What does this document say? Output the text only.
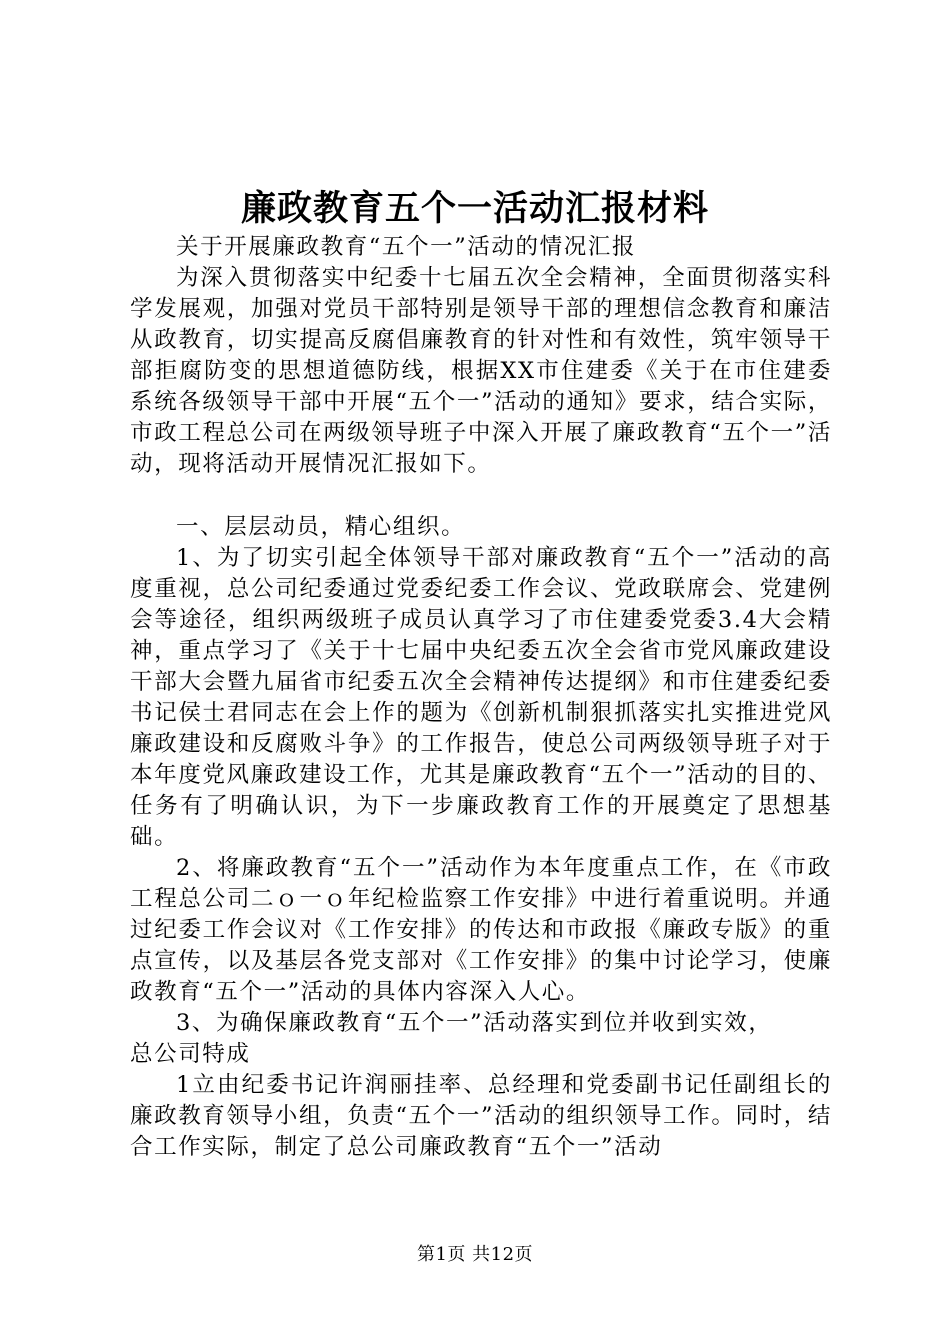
廉政教育五个一活动汇报材料

关于开展廉政教育“五个一”活动的情况汇报

为深入贯彻落实中纪委十七届五次全会精神，全面贯彻落实科学发展观，加强对党员干部特别是领导干部的理想信念教育和廉洁从政教育，切实提高反腐倡廉教育的针对性和有效性，筑牢领导干部拒腐防变的思想道德防线，根据XX市住建委《关于在市住建委系统各级领导干部中开展“五个一”活动的通知》要求，结合实际，市政工程总公司在两级领导班子中深入开展了廉政教育“五个一”活动，现将活动开展情况汇报如下。

一、层层动员，精心组织。

1、为了切实引起全体领导干部对廉政教育“五个一”活动的高度重视，总公司纪委通过党委纪委工作会议、党政联席会、党建例会等途径，组织两级班子成员认真学习了市住建委党委3.4大会精神，重点学习了《关于十七届中央纪委五次全会省市党风廉政建设干部大会暨九届省市纪委五次全会精神传达提纲》和市住建委纪委书记侯士君同志在会上作的题为《创新机制狠抓落实扎实推进党风廉政建设和反腐败斗争》的工作报告，使总公司两级领导班子对于本年度党风廉政建设工作，尤其是廉政教育“五个一”活动的目的、任务有了明确认识，为下一步廉政教育工作的开展奠定了思想基础。

2、将廉政教育“五个一”活动作为本年度重点工作，在《市政工程总公司二ｏ一ｏ年纪检监察工作安排》中进行着重说明。并通过纪委工作会议对《工作安排》的传达和市政报《廉政专版》的重点宣传，以及基层各党支部对《工作安排》的集中讨论学习，使廉政教育“五个一”活动的具体内容深入人心。

3、为确保廉政教育“五个一”活动落实到位并收到实效，

总公司特成

1立由纪委书记许润丽挂率、总经理和党委副书记任副组长的廉政教育领导小组，负责“五个一”活动的组织领导工作。同时，结合工作实际，制定了总公司廉政教育“五个一”活动

第1页 共12页
